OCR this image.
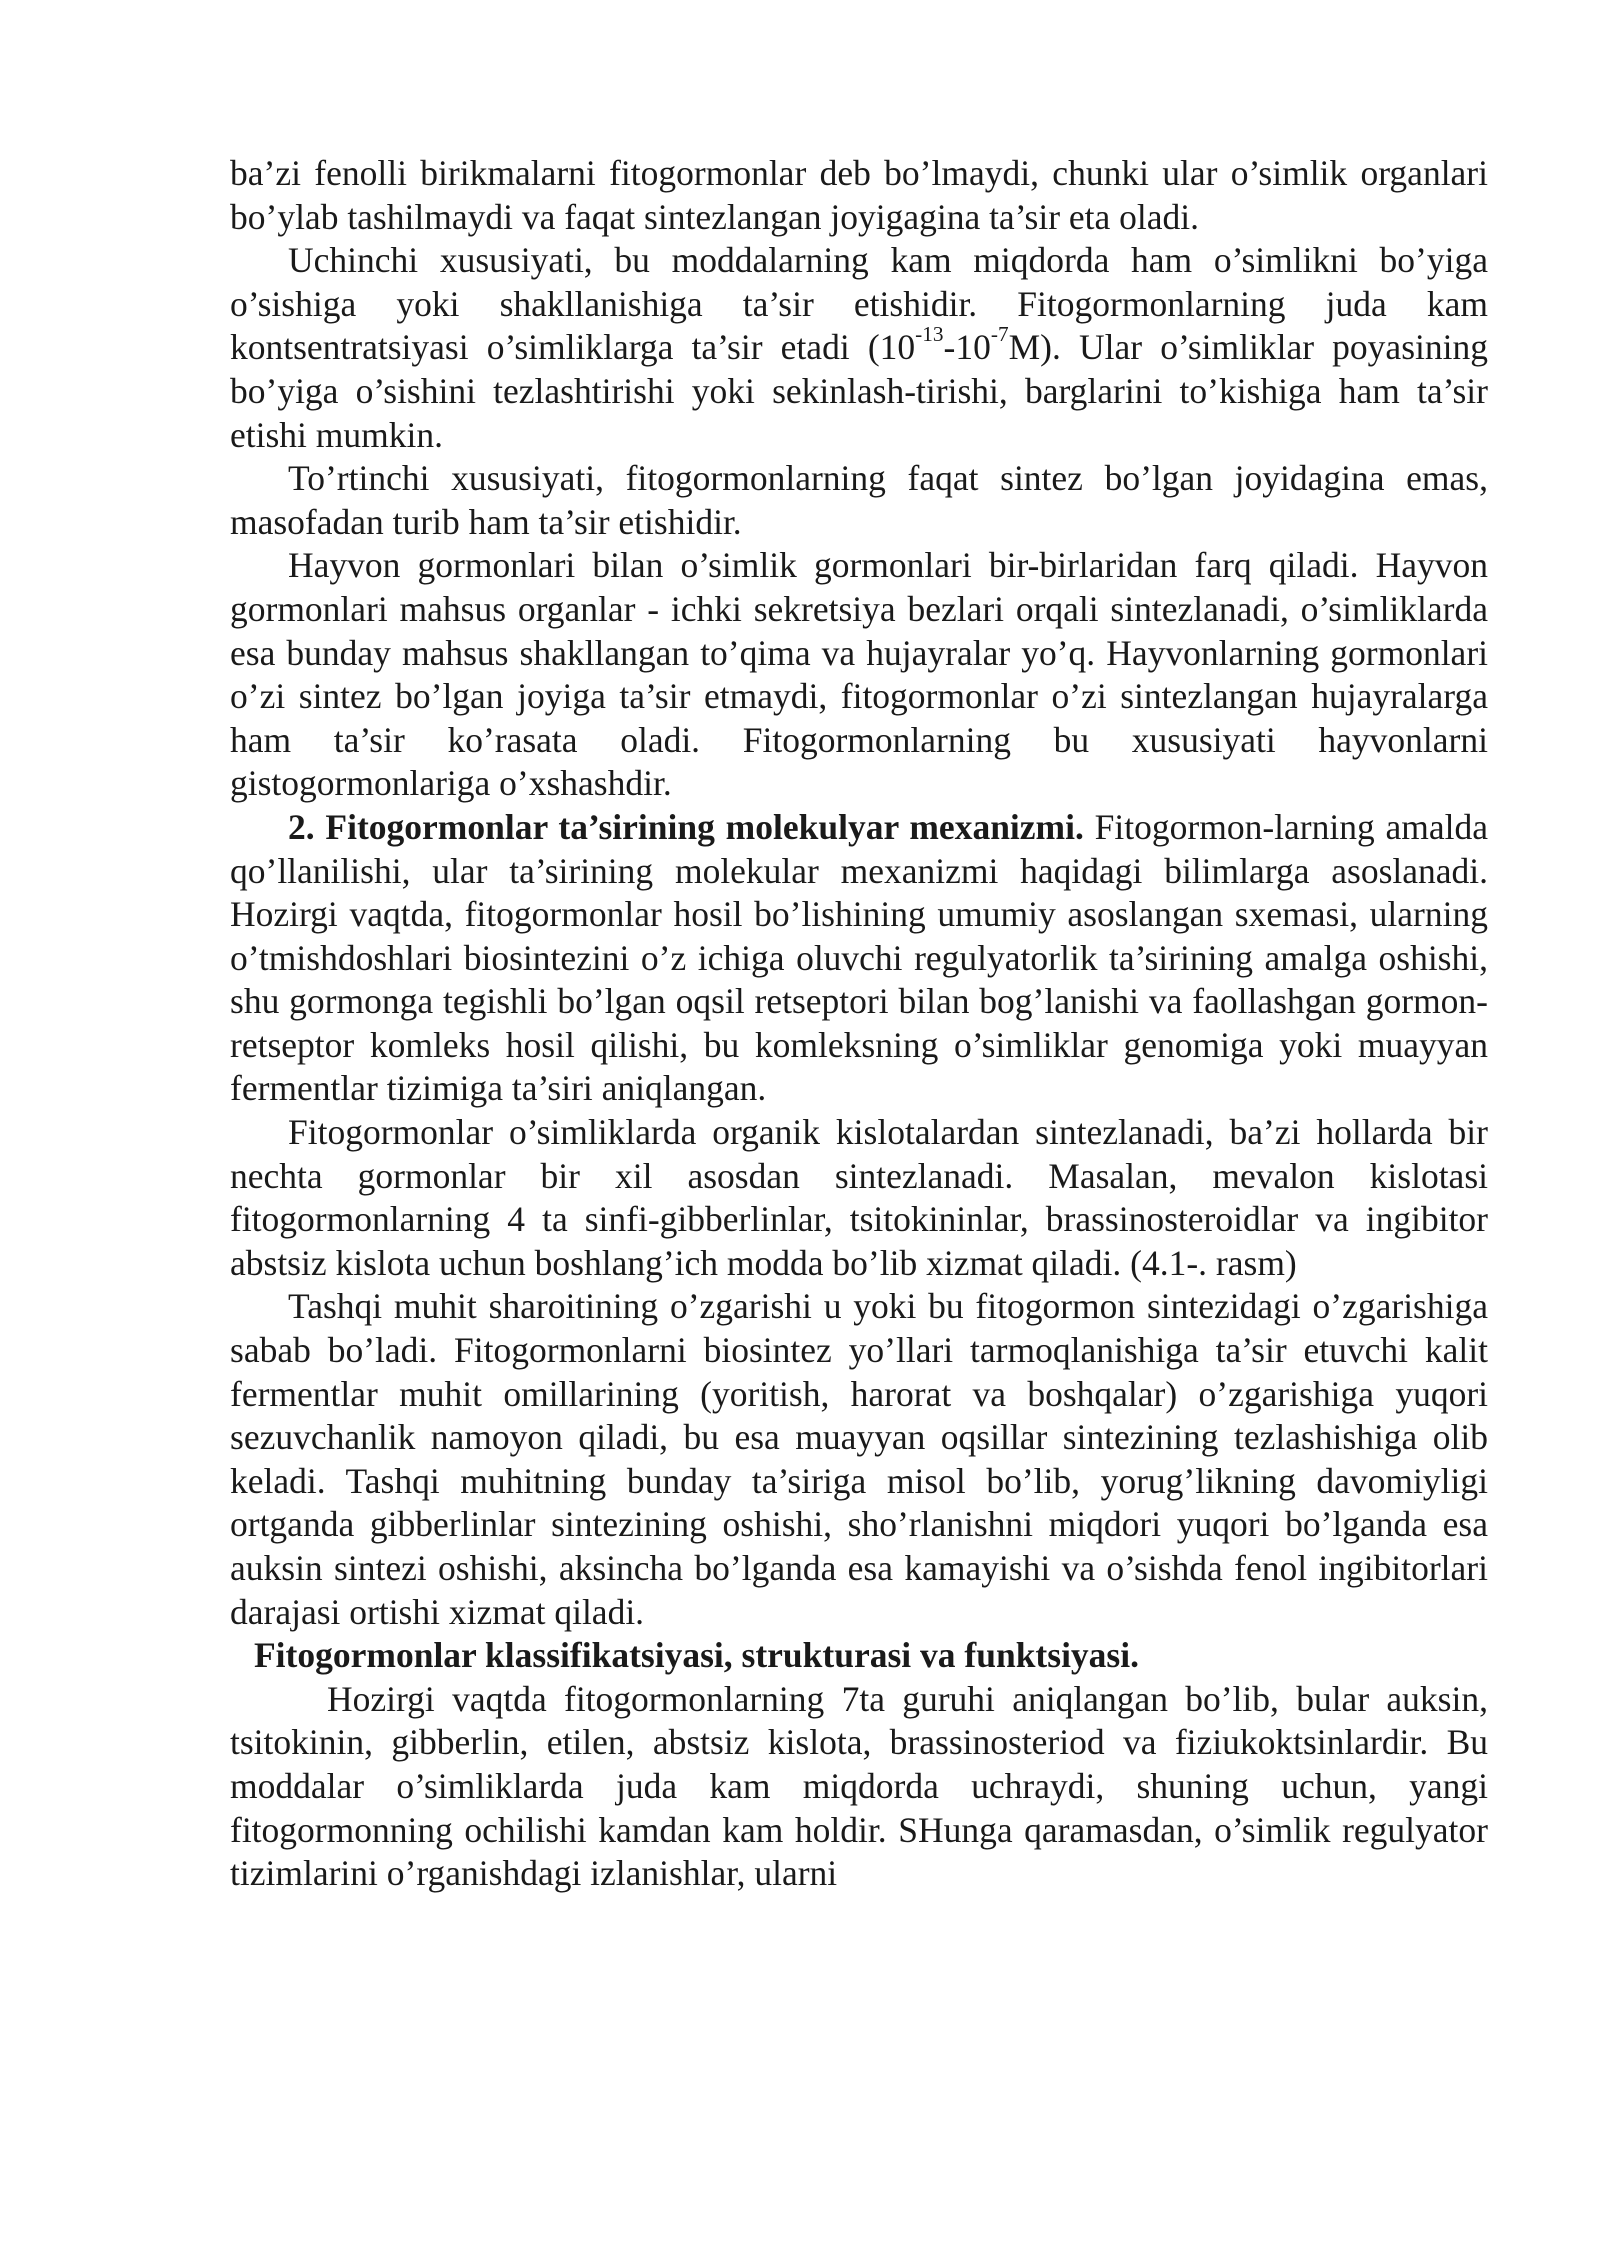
ba’zi fenolli birikmalarni fitogormonlar deb bo’lmaydi, chunki ular o’simlik organlari bo’ylab tashilmaydi va faqat sintezlangan joyigagina ta’sir eta oladi.

Uchinchi xususiyati, bu moddalarning kam miqdorda ham o’simlikni bo’yiga o’sishiga yoki shakllanishiga ta’sir etishidir. Fitogormonlarning juda kam kontsentratsiyasi o’simliklarga ta’sir etadi $(10^{-13}-10^{-7}M)$. Ular o’simliklar poyasining bo’yiga o’sishini tezlashtirishi yoki sekinlash-tirishi, barglarini to’kishiga ham ta’sir etishi mumkin.

To’rtinchi xususiyati, fitogormonlarning faqat sintez bo’lgan joyidagina emas, masofadan turib ham ta’sir etishidir.

Hayvon gormonlari bilan o’simlik gormonlari bir-birlaridan farq qiladi. Hayvon gormonlari mahsus organlar - ichki sekretsiya bezlari orqali sintezlanadi, o’simliklarda esa bunday mahsus shakllangan to’qima va hujayralar yo’q. Hayvonlarning gormonlari o’zi sintez bo’lgan joyiga ta’sir etmaydi, fitogormonlar o’zi sintezlangan hujayralarga ham ta’sir ko’rasata oladi. Fitogormonlarning bu xususiyati hayvonlarni gistogormonlariga o’xshashdir.

2. Fitogormonlar ta’sirining molekulyar mexanizmi. Fitogormon-larning amalda qo’llanilishi, ular ta’sirining molekular mexanizmi haqidagi bilimlarga asoslanadi. Hozirgi vaqtda, fitogormonlar hosil bo’lishining umumiy asoslangan sxemasi, ularning o’tmishdoshlari biosintezini o’z ichiga oluvchi regulyatorlik ta’sirining amalga oshishi, shu gormonga tegishli bo’lgan oqsil retseptori bilan bog’lanishi va faollashgan gormon-retseptor komleks hosil qilishi, bu komleksning o’simliklar genomiga yoki muayyan fermentlar tizimiga ta’siri aniqlangan.

Fitogormonlar o’simliklarda organik kislotalardan sintezlanadi, ba’zi hollarda bir nechta gormonlar bir xil asosdan sintezlanadi. Masalan, mevalon kislotasi fitogormonlarning 4 ta sinfi-gibberlinlar, tsitokininlar, brassinosteroidlar va ingibitor abstsiz kislota uchun boshlang’ich modda bo’lib xizmat qiladi. (4.1-. rasm)

Tashqi muhit sharoitining o’zgarishi u yoki bu fitogormon sintezidagi o’zgarishiga sabab bo’ladi. Fitogormonlarni biosintez yo’llari tarmoqlanishiga ta’sir etuvchi kalit fermentlar muhit omillarining (yoritish, harorat va boshqalar) o’zgarishiga yuqori sezuvchanlik namoyon qiladi, bu esa muayyan oqsillar sintezining tezlashishiga olib keladi. Tashqi muhitning bunday ta’siriga misol bo’lib, yorug’likning davomiyligi ortganda gibberlinlar sintezining oshishi, sho’rlanishni miqdori yuqori bo’lganda esa auksin sintezi oshishi, aksincha bo’lganda esa kamayishi va o’sishda fenol ingibitorlari darajasi ortishi xizmat qiladi.

Fitogormonlar klassifikatsiyasi, strukturasi va funktsiyasi.

Hozirgi vaqtda fitogormonlarning 7ta guruhi aniqlangan bo’lib, bular auksin, tsitokinin, gibberlin, etilen, abstsiz kislota, brassinosteriod va fiziukoktsinlardir. Bu moddalar o’simliklarda juda kam miqdorda uchraydi, shuning uchun, yangi fitogormonning ochilishi kamdan kam holdir. SHunga qaramasdan, o’simlik regulyator tizimlarini o’rganishdagi izlanishlar, ularni
